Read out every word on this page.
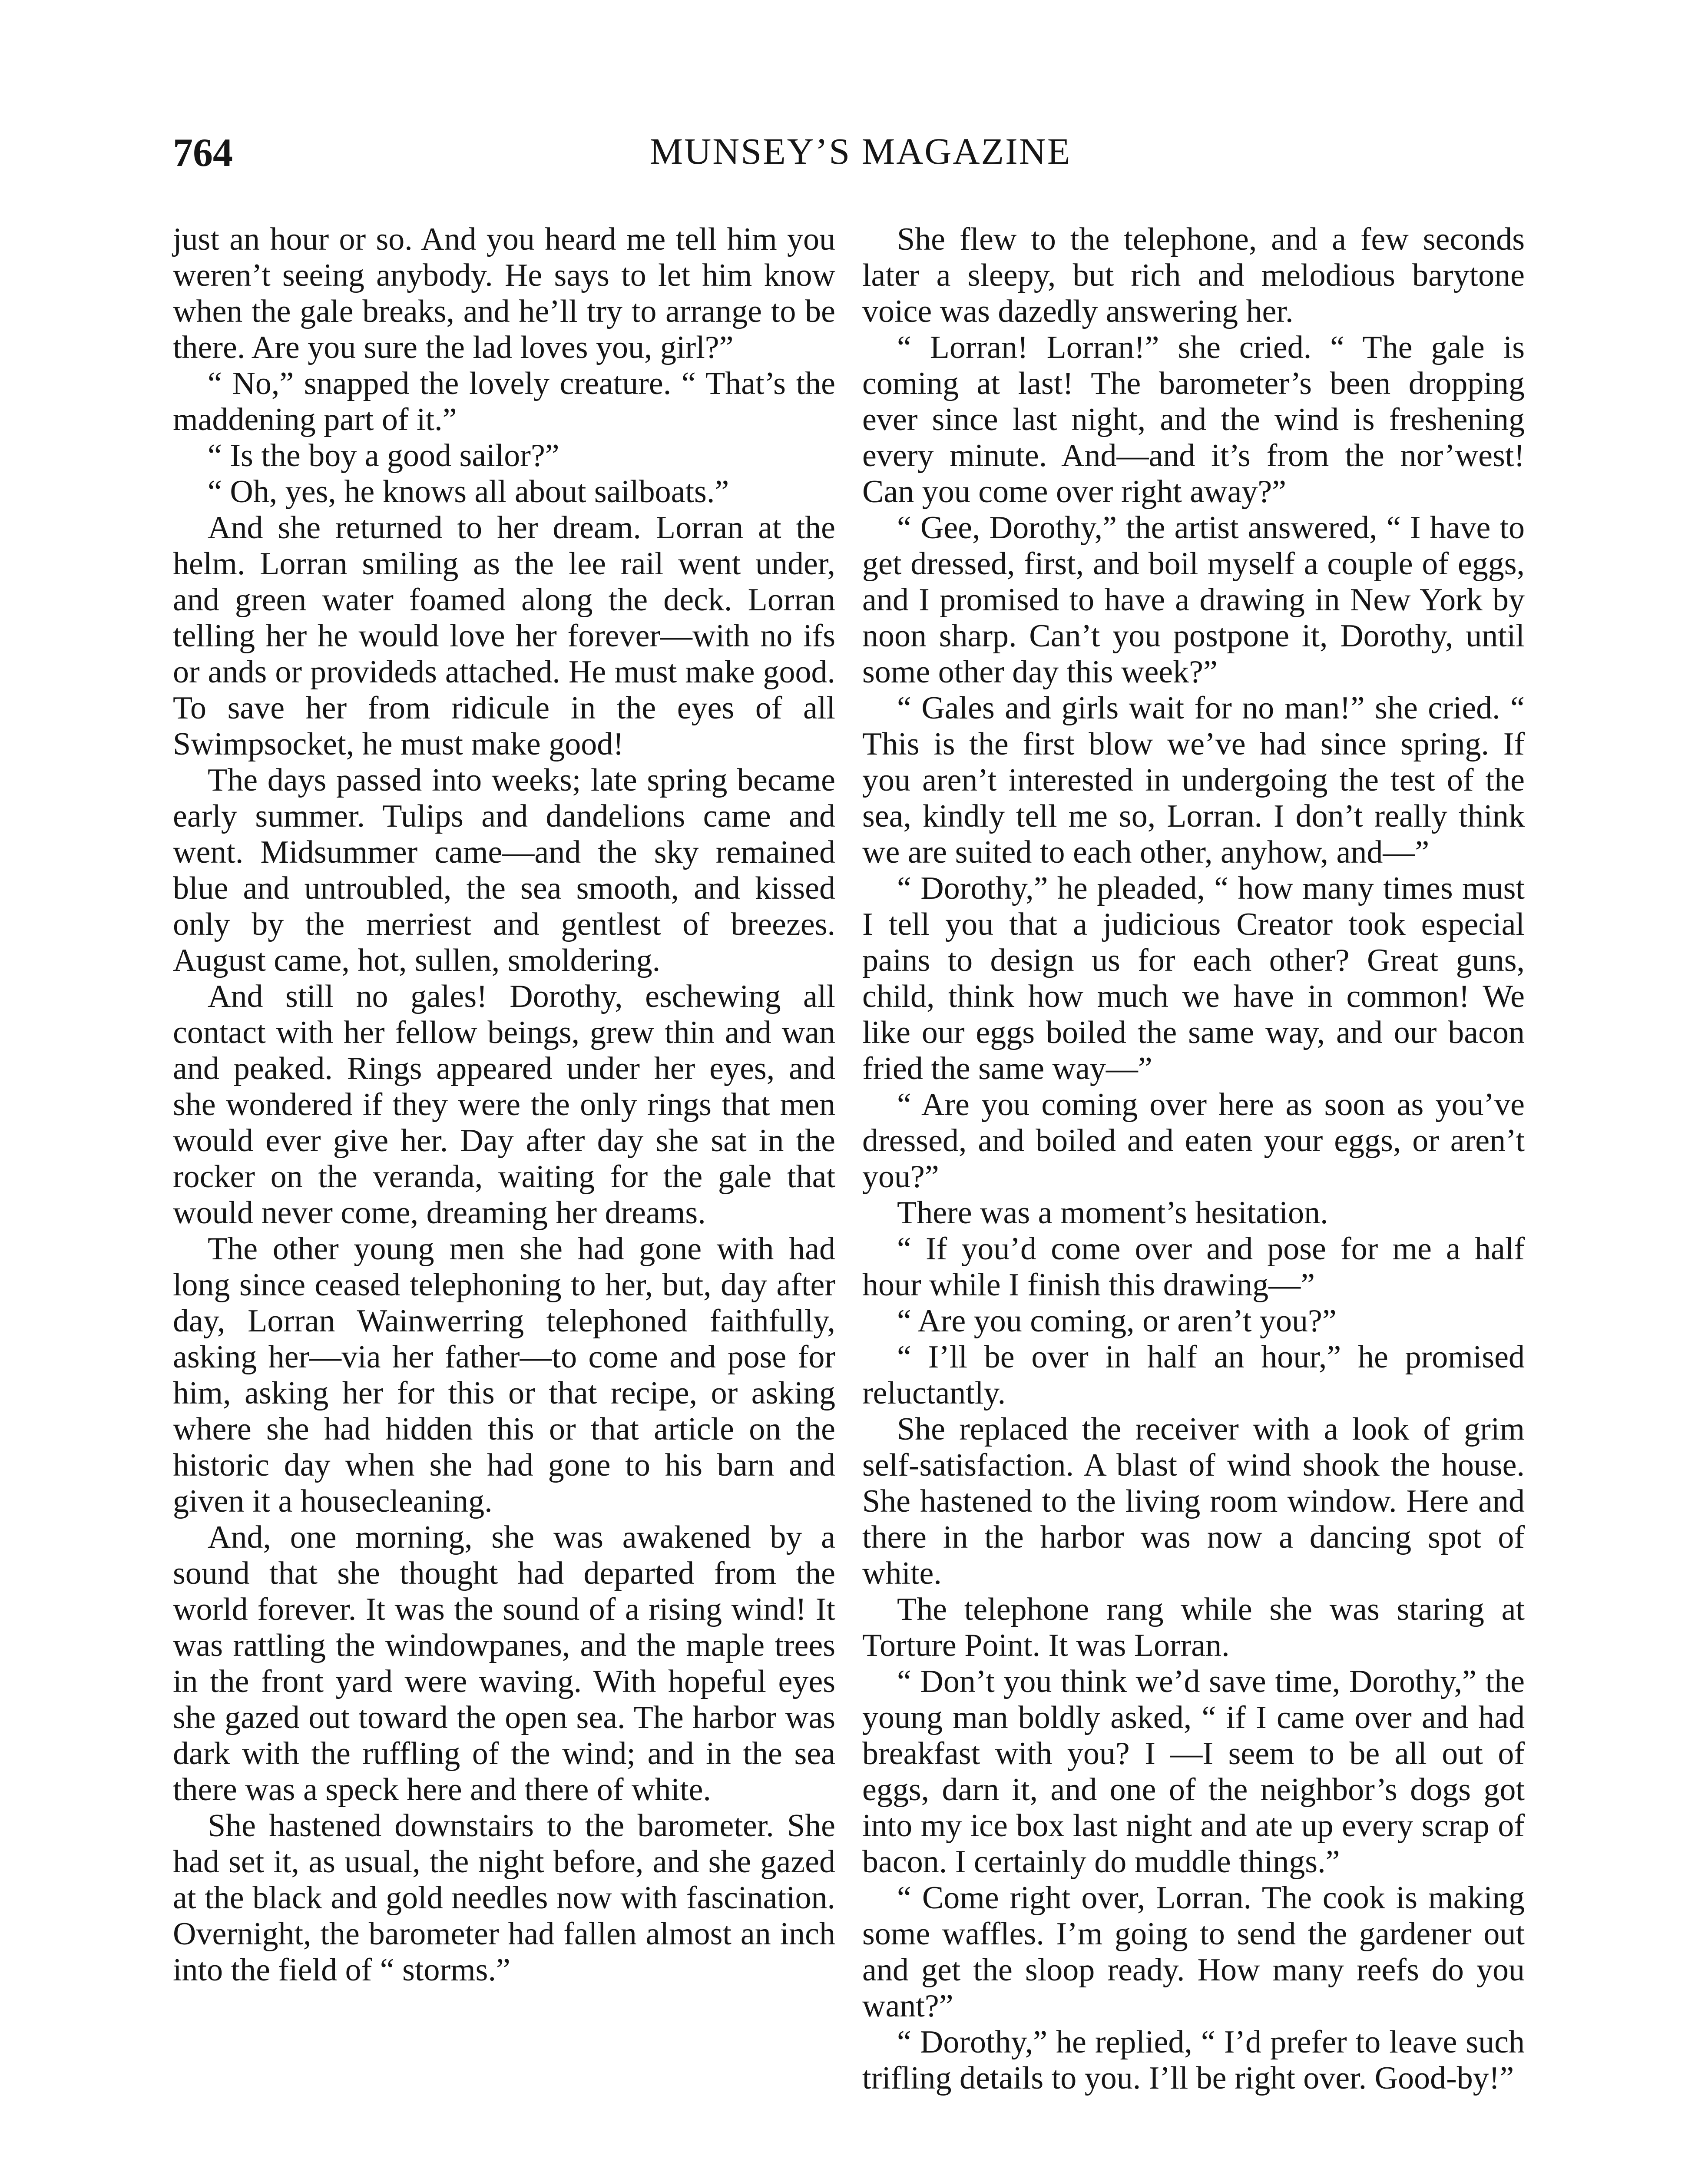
764	MUNSEY’S MAGAZINE

just an hour or so. And you heard me tell him you weren’t seeing anybody. He says to let him know when the gale breaks, and he’ll try to arrange to be there. Are you sure the lad loves you, girl?”

“ No,” snapped the lovely creature. “ That’s the maddening part of it.”

“ Is the boy a good sailor?”

“ Oh, yes, he knows all about sailboats.”

And she returned to her dream. Lorran at the helm. Lorran smiling as the lee rail went under, and green water foamed along the deck. Lorran telling her he would love her forever—with no ifs or ands or provideds attached. He must make good. To save her from ridicule in the eyes of all Swimpsocket, he must make good!

The days passed into weeks; late spring became early summer. Tulips and dandelions came and went. Midsummer came—and the sky remained blue and untroubled, the sea smooth, and kissed only by the merriest and gentlest of breezes. August came, hot, sullen, smoldering.

And still no gales! Dorothy, eschewing all contact with her fellow beings, grew thin and wan and peaked. Rings appeared under her eyes, and she wondered if they were the only rings that men would ever give her. Day after day she sat in the rocker on the veranda, waiting for the gale that would never come, dreaming her dreams.

The other young men she had gone with had long since ceased telephoning to her, but, day after day, Lorran Wainwerring telephoned faithfully, asking her—via her father—to come and pose for him, asking her for this or that recipe, or asking where she had hidden this or that article on the historic day when she had gone to his barn and given it a housecleaning.

And, one morning, she was awakened by a sound that she thought had departed from the world forever. It was the sound of a rising wind! It was rattling the windowpanes, and the maple trees in the front yard were waving. With hopeful eyes she gazed out toward the open sea. The harbor was dark with the ruffling of the wind; and in the sea there was a speck here and there of white.

She hastened downstairs to the barometer. She had set it, as usual, the night before, and she gazed at the black and gold needles now with fascination. Overnight, the barometer had fallen almost an inch into the field of “ storms.”

She flew to the telephone, and a few seconds later a sleepy, but rich and melodious barytone voice was dazedly answering her.

“ Lorran! Lorran!” she cried. “ The gale is coming at last! The barometer’s been dropping ever since last night, and the wind is freshening every minute. And—and it’s from the nor’west! Can you come over right away?”

“ Gee, Dorothy,” the artist answered, “ I have to get dressed, first, and boil myself a couple of eggs, and I promised to have a drawing in New York by noon sharp. Can’t you postpone it, Dorothy, until some other day this week?”

“ Gales and girls wait for no man!” she cried. “ This is the first blow we’ve had since spring. If you aren’t interested in undergoing the test of the sea, kindly tell me so, Lorran. I don’t really think we are suited to each other, anyhow, and—”

“ Dorothy,” he pleaded, “ how many times must I tell you that a judicious Creator took especial pains to design us for each other? Great guns, child, think how much we have in common! We like our eggs boiled the same way, and our bacon fried the same way—”

“ Are you coming over here as soon as you’ve dressed, and boiled and eaten your eggs, or aren’t you?”

There was a moment’s hesitation.

“ If you’d come over and pose for me a half hour while I finish this drawing—”

“ Are you coming, or aren’t you?”

“ I’ll be over in half an hour,” he promised reluctantly.

She replaced the receiver with a look of grim self-satisfaction. A blast of wind shook the house. She hastened to the living room window. Here and there in the harbor was now a dancing spot of white.

The telephone rang while she was staring at Torture Point. It was Lorran.

“ Don’t you think we’d save time, Dorothy,” the young man boldly asked, “ if I came over and had breakfast with you? I —I seem to be all out of eggs, darn it, and one of the neighbor’s dogs got into my ice box last night and ate up every scrap of bacon. I certainly do muddle things.”

“ Come right over, Lorran. The cook is making some waffles. I’m going to send the gardener out and get the sloop ready. How many reefs do you want?”

“ Dorothy,” he replied, “ I’d prefer to leave such trifling details to you. I’ll be right over. Good-by!”
